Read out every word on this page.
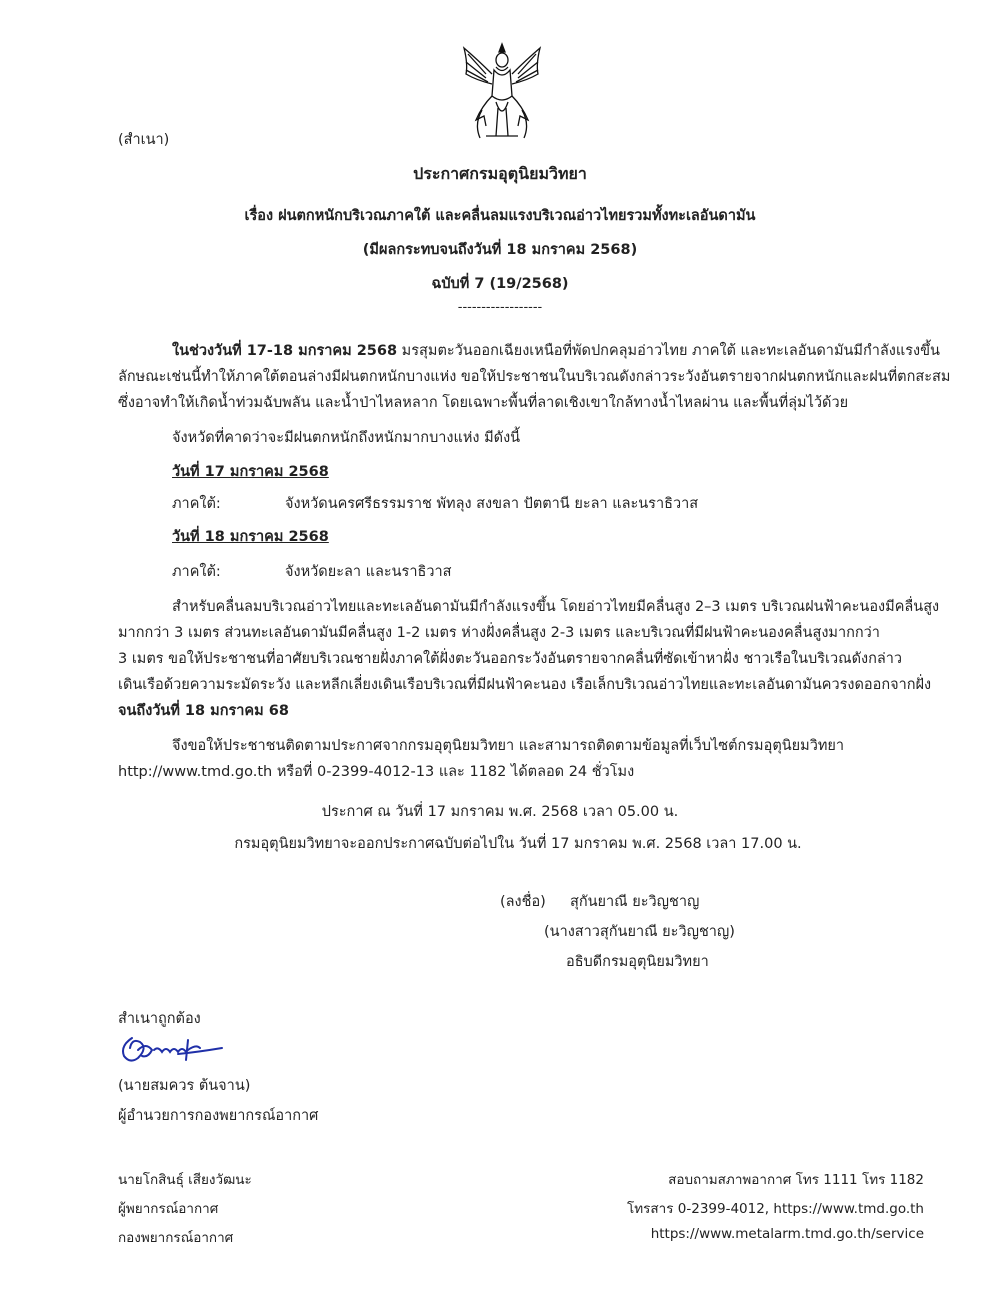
(สำเนา)
ประกาศกรมอุตุนิยมวิทยา
เรื่อง ฝนตกหนักบริเวณภาคใต้ และคลื่นลมแรงบริเวณอ่าวไทยรวมทั้งทะเลอันดามัน
(มีผลกระทบจนถึงวันที่ 18 มกราคม 2568)
ฉบับที่ 7 (19/2568)
------------------
ในช่วงวันที่ 17-18 มกราคม 2568 มรสุมตะวันออกเฉียงเหนือที่พัดปกคลุมอ่าวไทย ภาคใต้ และทะเลอันดามันมีกำลังแรงขึ้น
ลักษณะเช่นนี้ทำให้ภาคใต้ตอนล่างมีฝนตกหนักบางแห่ง ขอให้ประชาชนในบริเวณดังกล่าวระวังอันตรายจากฝนตกหนักและฝนที่ตกสะสม
ซึ่งอาจทำให้เกิดน้ำท่วมฉับพลัน และน้ำป่าไหลหลาก โดยเฉพาะพื้นที่ลาดเชิงเขาใกล้ทางน้ำไหลผ่าน และพื้นที่ลุ่มไว้ด้วย
จังหวัดที่คาดว่าจะมีฝนตกหนักถึงหนักมากบางแห่ง มีดังนี้
วันที่ 17 มกราคม 2568
ภาคใต้:	จังหวัดนครศรีธรรมราช พัทลุง สงขลา ปัตตานี ยะลา และนราธิวาส
วันที่ 18 มกราคม 2568
ภาคใต้:	จังหวัดยะลา และนราธิวาส
สำหรับคลื่นลมบริเวณอ่าวไทยและทะเลอันดามันมีกำลังแรงขึ้น โดยอ่าวไทยมีคลื่นสูง 2–3 เมตร บริเวณฝนฟ้าคะนองมีคลื่นสูง
มากกว่า 3 เมตร ส่วนทะเลอันดามันมีคลื่นสูง 1-2 เมตร ห่างฝั่งคลื่นสูง 2-3 เมตร และบริเวณที่มีฝนฟ้าคะนองคลื่นสูงมากกว่า
3 เมตร ขอให้ประชาชนที่อาศัยบริเวณชายฝั่งภาคใต้ฝั่งตะวันออกระวังอันตรายจากคลื่นที่ซัดเข้าหาฝั่ง ชาวเรือในบริเวณดังกล่าว
เดินเรือด้วยความระมัดระวัง และหลีกเลี่ยงเดินเรือบริเวณที่มีฝนฟ้าคะนอง เรือเล็กบริเวณอ่าวไทยและทะเลอันดามันควรงดออกจากฝั่ง
จนถึงวันที่ 18 มกราคม 68
จึงขอให้ประชาชนติดตามประกาศจากกรมอุตุนิยมวิทยา และสามารถติดตามข้อมูลที่เว็บไซต์กรมอุตุนิยมวิทยา
http://www.tmd.go.th หรือที่ 0-2399-4012-13 และ 1182 ได้ตลอด 24 ชั่วโมง
ประกาศ ณ วันที่ 17 มกราคม พ.ศ. 2568 เวลา 05.00 น.
กรมอุตุนิยมวิทยาจะออกประกาศฉบับต่อไปใน วันที่ 17 มกราคม พ.ศ. 2568 เวลา 17.00 น.
(ลงชื่อ) สุกันยาณี ยะวิญชาญ
(นางสาวสุกันยาณี ยะวิญชาญ)
อธิบดีกรมอุตุนิยมวิทยา
สำเนาถูกต้อง
(นายสมควร ต้นจาน)
ผู้อำนวยการกองพยากรณ์อากาศ
นายโกสินธุ์ เสียงวัฒนะ
ผู้พยากรณ์อากาศ
กองพยากรณ์อากาศ
สอบถามสภาพอากาศ โทร 1111 โทร 1182
โทรสาร 0-2399-4012, https://www.tmd.go.th
https://www.metalarm.tmd.go.th/service
